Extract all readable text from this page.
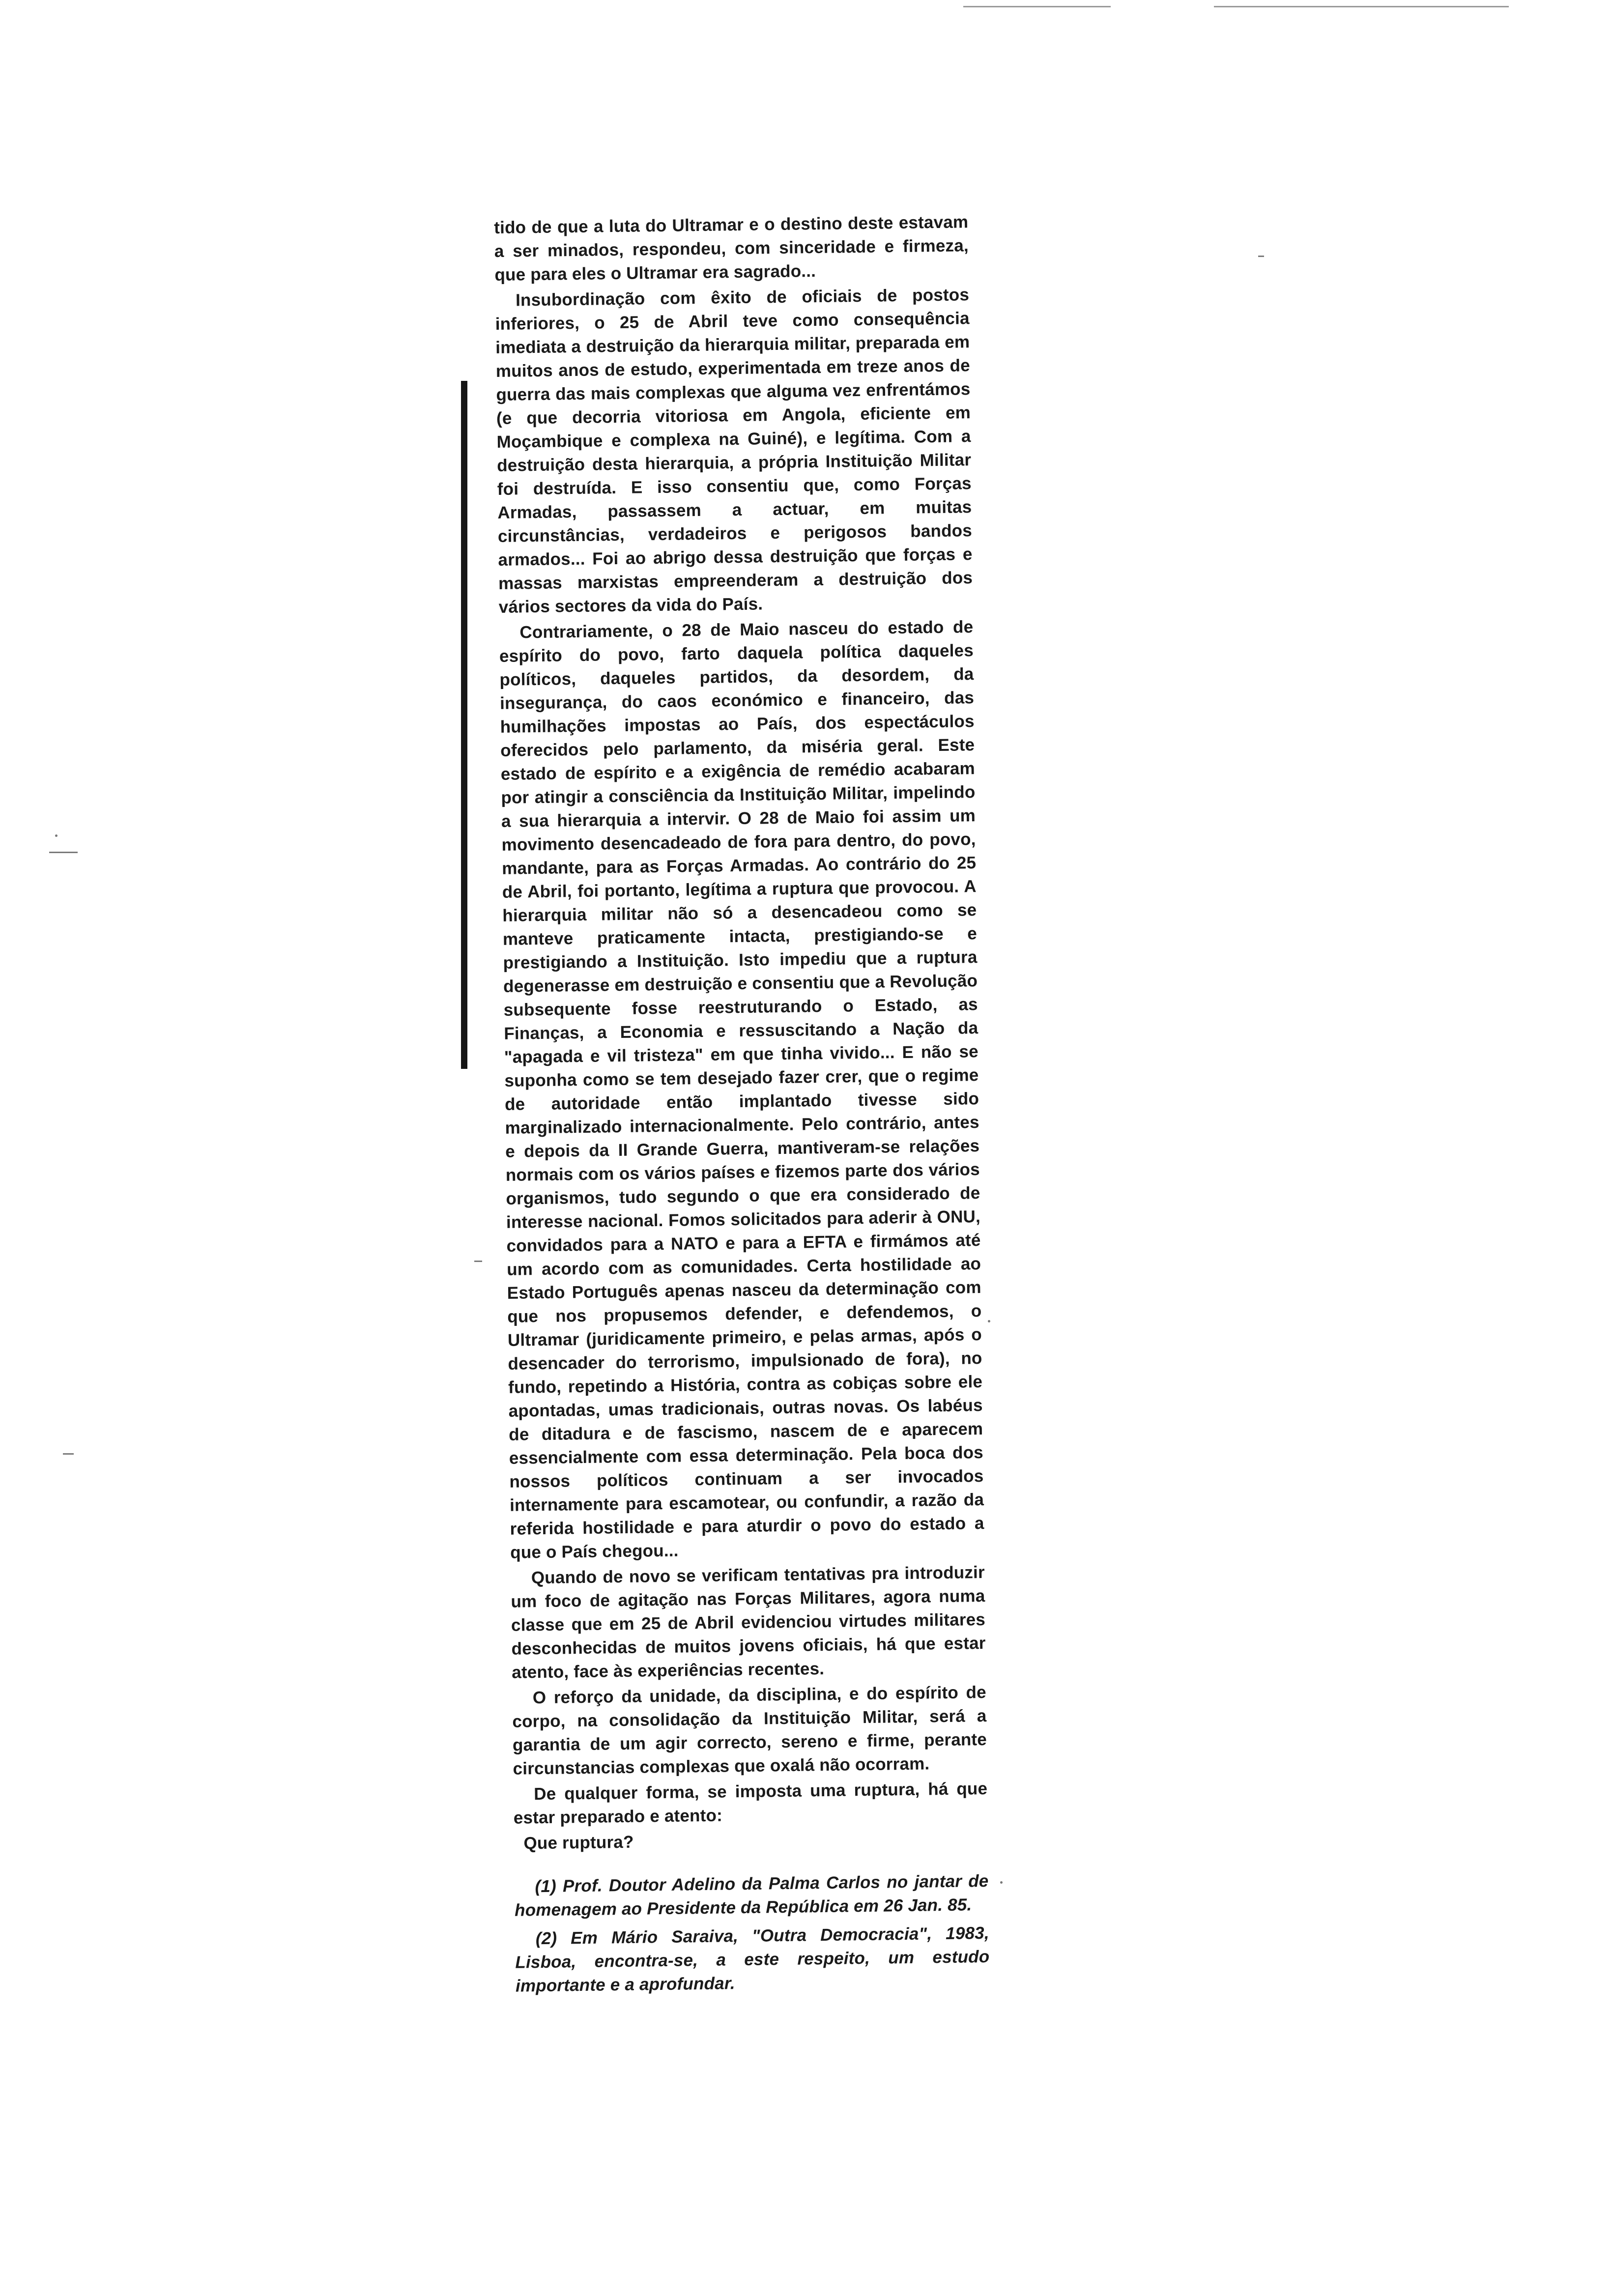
tido de que a luta do Ultramar e o destino deste estavam a ser minados, respondeu, com sinceridade e firmeza, que para eles o Ultramar era sagrado...

Insubordinação com êxito de oficiais de postos inferiores, o 25 de Abril teve como consequência imediata a destruição da hierarquia militar, preparada em muitos anos de estudo, experimentada em treze anos de guerra das mais complexas que alguma vez enfrentámos (e que decorria vitoriosa em Angola, eficiente em Moçambique e complexa na Guiné), e legítima. Com a destruição desta hierarquia, a própria Instituição Militar foi destruída. E isso consentiu que, como Forças Armadas, passassem a actuar, em muitas circunstâncias, verdadeiros e perigosos bandos armados... Foi ao abrigo dessa destruição que forças e massas marxistas empreenderam a destruição dos vários sectores da vida do País.

Contrariamente, o 28 de Maio nasceu do estado de espírito do povo, farto daquela política daqueles políticos, daqueles partidos, da desordem, da insegurança, do caos económico e financeiro, das humilhações impostas ao País, dos espectáculos oferecidos pelo parlamento, da miséria geral. Este estado de espírito e a exigência de remédio acabaram por atingir a consciência da Instituição Militar, impelindo a sua hierarquia a intervir. O 28 de Maio foi assim um movimento desencadeado de fora para dentro, do povo, mandante, para as Forças Armadas. Ao contrário do 25 de Abril, foi portanto, legítima a ruptura que provocou. A hierarquia militar não só a desencadeou como se manteve praticamente intacta, prestigiando-se e prestigiando a Instituição. Isto impediu que a ruptura degenerasse em destruição e consentiu que a Revolução subsequente fosse reestruturando o Estado, as Finanças, a Economia e ressuscitando a Nação da "apagada e vil tristeza" em que tinha vivido... E não se suponha como se tem desejado fazer crer, que o regime de autoridade então implantado tivesse sido marginalizado internacionalmente. Pelo contrário, antes e depois da II Grande Guerra, mantiveram-se relações normais com os vários países e fizemos parte dos vários organismos, tudo segundo o que era considerado de interesse nacional. Fomos solicitados para aderir à ONU, convidados para a NATO e para a EFTA e firmámos até um acordo com as comunidades. Certa hostilidade ao Estado Português apenas nasceu da determinação com que nos propusemos defender, e defendemos, o Ultramar (juridicamente primeiro, e pelas armas, após o desencader do terrorismo, impulsionado de fora), no fundo, repetindo a História, contra as cobiças sobre ele apontadas, umas tradicionais, outras novas. Os labéus de ditadura e de fascismo, nascem de e aparecem essencialmente com essa determinação. Pela boca dos nossos políticos continuam a ser invocados internamente para escamotear, ou confundir, a razão da referida hostilidade e para aturdir o povo do estado a que o País chegou...

Quando de novo se verificam tentativas pra introduzir um foco de agitação nas Forças Militares, agora numa classe que em 25 de Abril evidenciou virtudes militares desconhecidas de muitos jovens oficiais, há que estar atento, face às experiências recentes.

O reforço da unidade, da disciplina, e do espírito de corpo, na consolidação da Instituição Militar, será a garantia de um agir correcto, sereno e firme, perante circunstancias complexas que oxalá não ocorram.

De qualquer forma, se imposta uma ruptura, há que estar preparado e atento:

Que ruptura?

(1) Prof. Doutor Adelino da Palma Carlos no jantar de homenagem ao Presidente da República em 26 Jan. 85.

(2) Em Mário Saraiva, "Outra Democracia", 1983, Lisboa, encontra-se, a este respeito, um estudo importante e a aprofundar.
